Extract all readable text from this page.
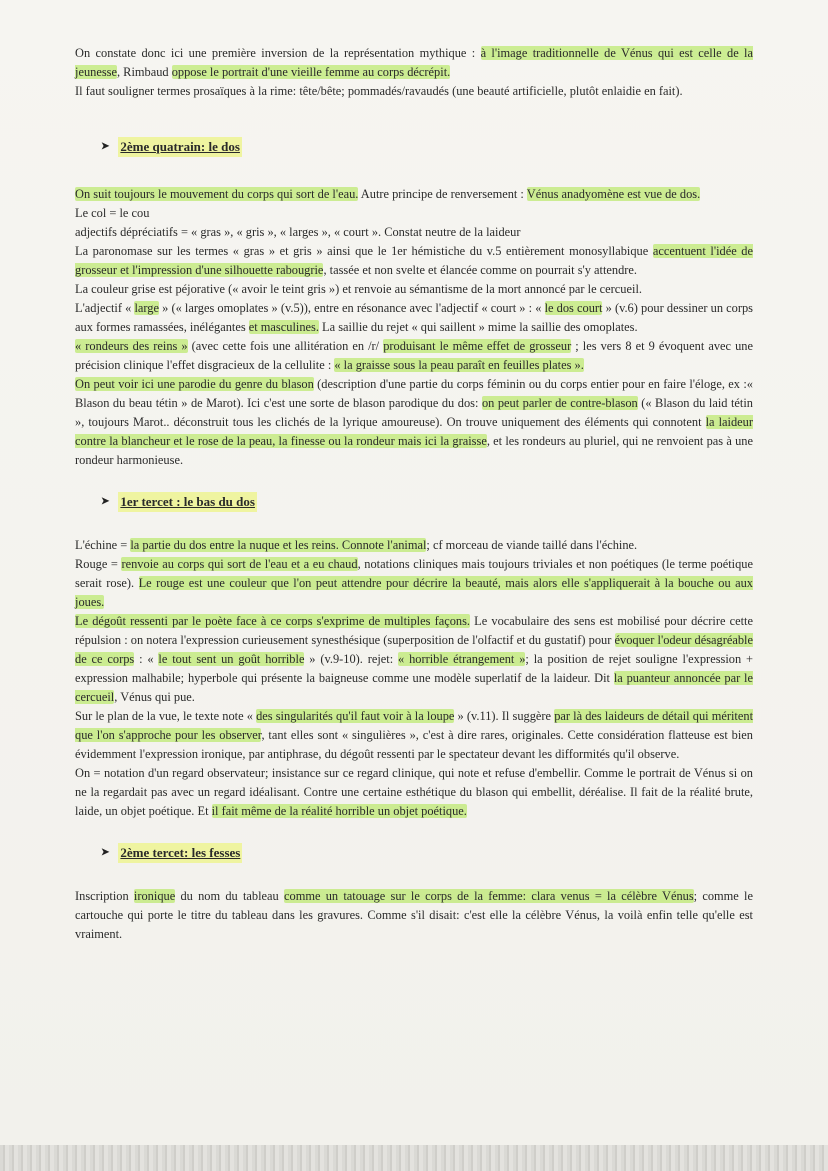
On constate donc ici une première inversion de la représentation mythique : à l'image traditionnelle de Vénus qui est celle de la jeunesse, Rimbaud oppose le portrait d'une vieille femme au corps décrépit.

Il faut souligner termes prosaïques à la rime: tête/bête; pommadés/ravaudés (une beauté artificielle, plutôt enlaidie en fait).

➤ 2ème quatrain: le dos

On suit toujours le mouvement du corps qui sort de l'eau. Autre principe de renversement : Vénus anadyomène est vue de dos.

Le col = le cou

adjectifs dépréciatifs = « gras », « gris », « larges », « court ». Constat neutre de la laideur

La paronomase sur les termes « gras » et gris » ainsi que le 1er hémistiche du v.5 entièrement monosyllabique accentuent l'idée de grosseur et l'impression d'une silhouette rabougrie, tassée et non svelte et élancée comme on pourrait s'y attendre.

La couleur grise est péjorative (« avoir le teint gris ») et renvoie au sémantisme de la mort annoncé par le cercueil.

L'adjectif « large » (« larges omoplates » (v.5)), entre en résonance avec l'adjectif « court » : « le dos court » (v.6) pour dessiner un corps aux formes ramassées, inélégantes et masculines. La saillie du rejet « qui saillent » mime la saillie des omoplates.

« rondeurs des reins » (avec cette fois une allitération en /r/ produisant le même effet de grosseur ; les vers 8 et 9 évoquent avec une précision clinique l'effet disgracieux de la cellulite : « la graisse sous la peau paraît en feuilles plates ».

On peut voir ici une parodie du genre du blason (description d'une partie du corps féminin ou du corps entier pour en faire l'éloge, ex :« Blason du beau tétin » de Marot). Ici c'est une sorte de blason parodique du dos: on peut parler de contre-blason (« Blason du laid tétin », toujours Marot.. déconstruit tous les clichés de la lyrique amoureuse). On trouve uniquement des éléments qui connotent la laideur contre la blancheur et le rose de la peau, la finesse ou la rondeur mais ici la graisse, et les rondeurs au pluriel, qui ne renvoient pas à une rondeur harmonieuse.

➤ 1er tercet : le bas du dos

L'échine = la partie du dos entre la nuque et les reins. Connote l'animal; cf morceau de viande taillé dans l'échine.

Rouge = renvoie au corps qui sort de l'eau et a eu chaud, notations cliniques mais toujours triviales et non poétiques (le terme poétique serait rose). Le rouge est une couleur que l'on peut attendre pour décrire la beauté, mais alors elle s'appliquerait à la bouche ou aux joues.

Le dégoût ressenti par le poète face à ce corps s'exprime de multiples façons. Le vocabulaire des sens est mobilisé pour décrire cette répulsion : on notera l'expression curieusement synesthésique (superposition de l'olfactif et du gustatif) pour évoquer l'odeur désagréable de ce corps : « le tout sent un goût horrible » (v.9-10). rejet: « horrible étrangement »; la position de rejet souligne l'expression + expression malhabile; hyperbole qui présente la baigneuse comme une modèle superlatif de la laideur. Dit la puanteur annoncée par le cercueil, Vénus qui pue.

Sur le plan de la vue, le texte note « des singularités qu'il faut voir à la loupe » (v.11). Il suggère par là des laideurs de détail qui méritent que l'on s'approche pour les observer, tant elles sont « singulières », c'est à dire rares, originales. Cette considération flatteuse est bien évidemment l'expression ironique, par antiphrase, du dégoût ressenti par le spectateur devant les difformités qu'il observe.

On = notation d'un regard observateur; insistance sur ce regard clinique, qui note et refuse d'embellir. Comme le portrait de Vénus si on ne la regardait pas avec un regard idéalisant. Contre une certaine esthétique du blason qui embellit, déréalise. Il fait de la réalité brute, laide, un objet poétique. Et il fait même de la réalité horrible un objet poétique.

➤ 2ème tercet: les fesses

Inscription ironique du nom du tableau comme un tatouage sur le corps de la femme: clara venus = la célèbre Vénus; comme le cartouche qui porte le titre du tableau dans les gravures. Comme s'il disait: c'est elle la célèbre Vénus, la voilà enfin telle qu'elle est vraiment.
